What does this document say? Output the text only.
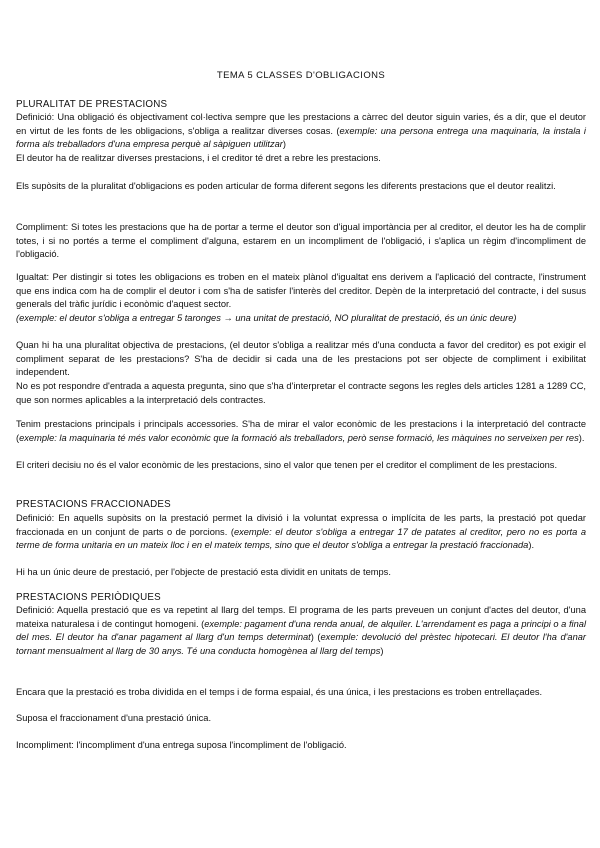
TEMA 5 CLASSES D'OBLIGACIONS
PLURALITAT DE PRESTACIONS

Definició: Una obligació és objectivament col·lectiva sempre que les prestacions a càrrec del deutor siguin varies, és a dir, que el deutor en virtut de les fonts de les obligacions, s'obliga a realitzar diverses cosas. (exemple: una persona entrega una maquinaria, la instala i forma als treballadors d'una empresa perquè al sàpiguen utilitzar)

El deutor ha de realitzar diverses prestacions, i el creditor té dret a rebre les prestacions.

Els supòsits de la pluralitat d'obligacions es poden articular de forma diferent segons les diferents prestacions que el deutor realitzi.

Compliment: Si totes les prestacions que ha de portar a terme el deutor son d'igual importància per al creditor, el deutor les ha de complir totes, i si no portés a terme el compliment d'alguna, estarem en un incompliment de l'obligació, i s'aplica un règim d'incompliment de l'obligació.

Igualtat: Per distingir si totes les obligacions es troben en el mateix plànol d'igualtat ens derivem a l'aplicació del contracte, l'instrument que ens indica com ha de complir el deutor i com s'ha de satisfer l'interès del creditor. Depèn de la interpretació del contracte, i del susus generals del tràfic jurídic i econòmic d'aquest sector.

(exemple: el deutor s'obliga a entregar 5 taronges → una unitat de prestació, NO pluralitat de prestació, és un únic deure)

Quan hi ha una pluralitat objectiva de prestacions, (el deutor s'obliga a realitzar més d'una conducta a favor del creditor) es pot exigir el compliment separat de les prestacions? S'ha de decidir si cada una de les prestacions pot ser objecte de compliment i exibilitat independent.

No es pot respondre d'entrada a aquesta pregunta, sino que s'ha d'interpretar el contracte segons les regles dels articles 1281 a 1289 CC, que son normes aplicables a la interpretació dels contractes.

Tenim prestacions principals i principals accessories. S'ha de mirar el valor econòmic de les prestacions i la interpretació del contracte (exemple: la maquinaria té més valor econòmic que la formació als treballadors, però sense formació, les màquines no serveixen per res).

El criteri decisiu no és el valor econòmic de les prestacions, sino el valor que tenen per el creditor el compliment de les prestacions.

PRESTACIONS FRACCIONADES

Definició: En aquells supòsits on la prestació permet la divisió i la voluntat expressa o implícita de les parts, la prestació pot quedar fraccionada en un conjunt de parts o de porcions. (exemple: el deutor s'obliga a entregar 17 de patates al creditor, pero no es porta a terme de forma unitaria en un mateix lloc i en el mateix temps, sino que el deutor s'obliga a entregar la prestació fraccionada).

Hi ha un únic deure de prestació, per l'objecte de prestació esta dividit en unitats de temps.

PRESTACIONS PERIÒDIQUES

Definició: Aquella prestació que es va repetint al llarg del temps. El programa de les parts preveuen un conjunt d'actes del deutor, d'una mateixa naturalesa i de contingut homogeni. (exemple: pagament d'una renda anual, de alquiler. L'arrendament es paga a principi o a final del mes. El deutor ha d'anar pagament al llarg d'un temps determinat) (exemple: devolució del prèstec hipotecari. El deutor l'ha d'anar tornant mensualment al llarg de 30 anys. Té una conducta homogènea al llarg del temps)

Encara que la prestació es troba dividida en el temps i de forma espaial, és una única, i les prestacions es troben entrellaçades.

Suposa el fraccionament d'una prestació única.

Incompliment: l'incompliment d'una entrega suposa l'incompliment de l'obligació.
